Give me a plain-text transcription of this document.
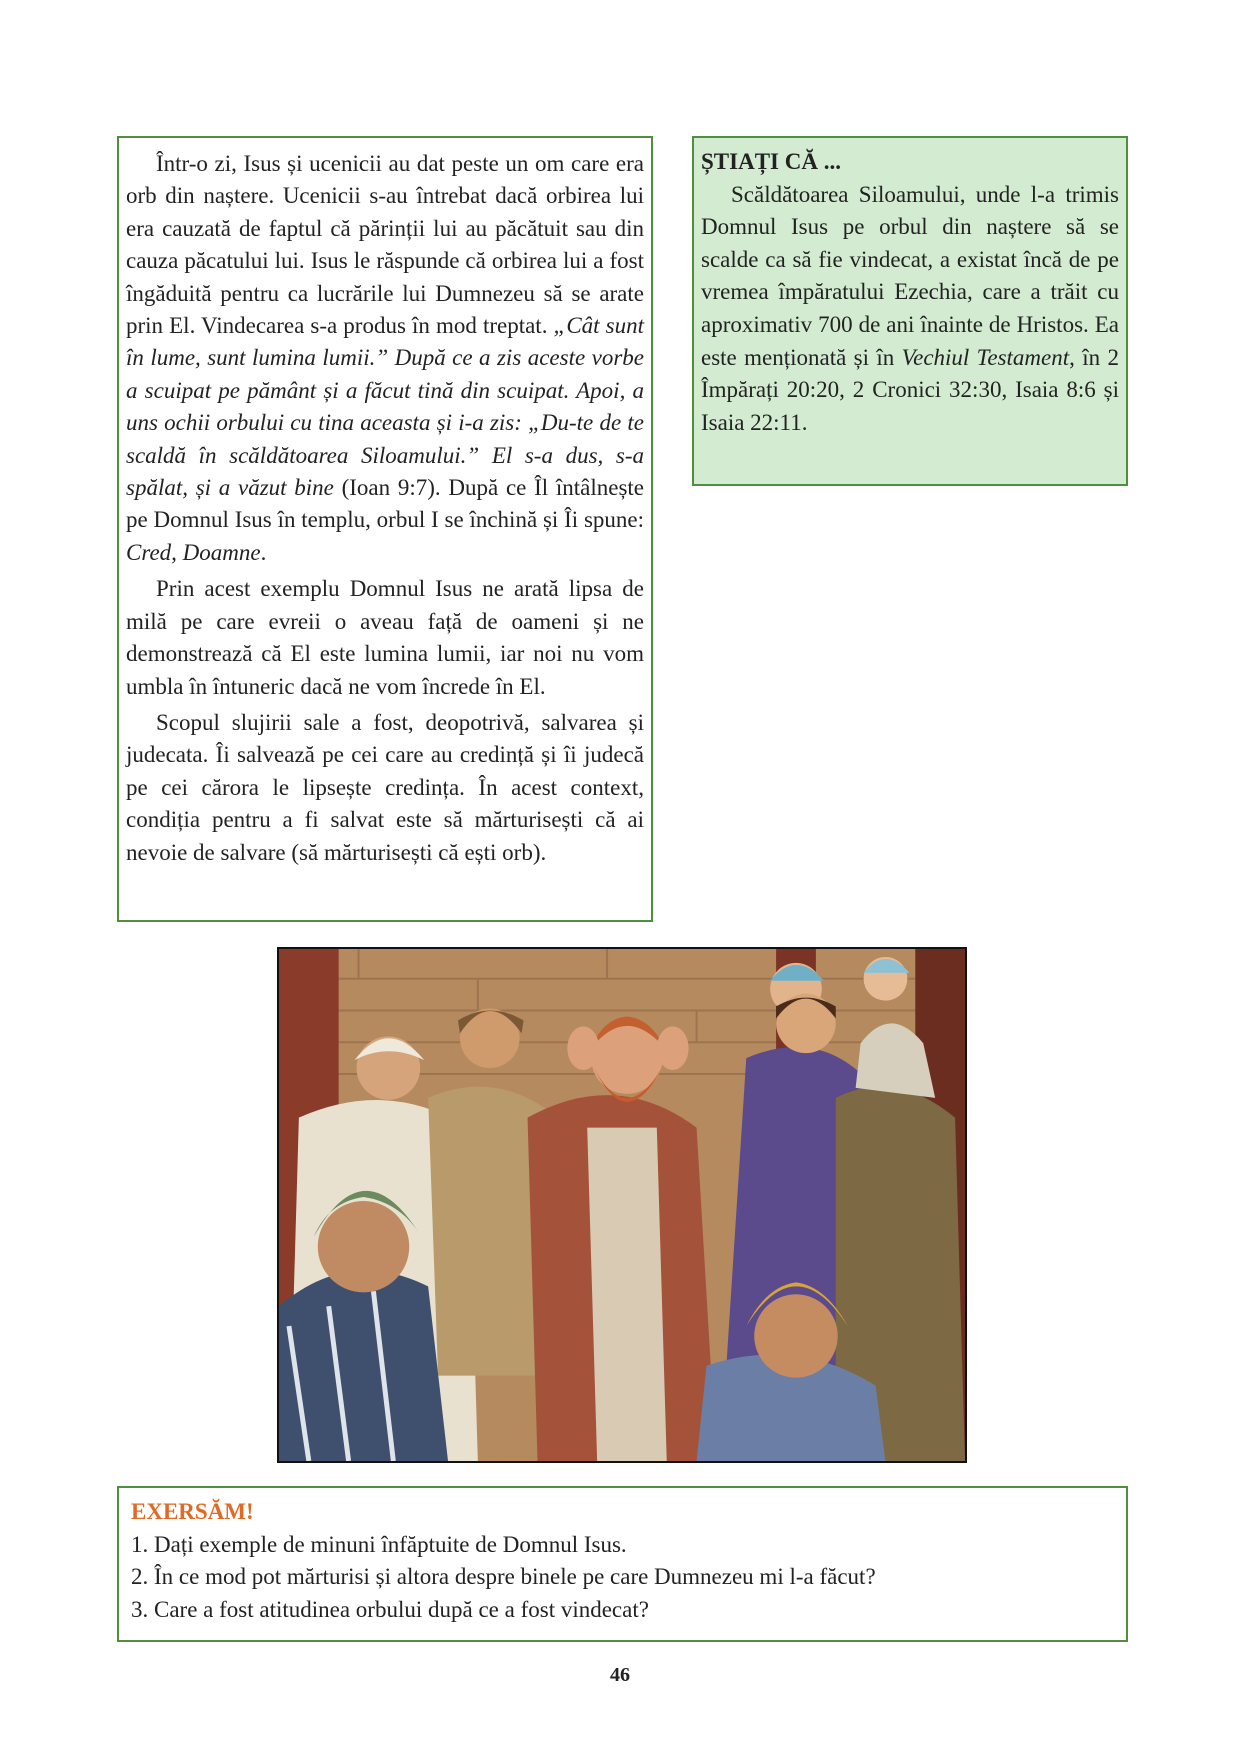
Într-o zi, Isus și ucenicii au dat peste un om care era orb din naștere. Ucenicii s-au întrebat dacă orbirea lui era cauzată de faptul că părinții lui au păcătuit sau din cauza păcatului lui. Isus le răspunde că orbirea lui a fost îngăduită pentru ca lucrările lui Dumnezeu să se arate prin El. Vindecarea s-a produs în mod treptat. „Cât sunt în lume, sunt lumina lumii.” După ce a zis aceste vorbe a scuipat pe pământ și a făcut tină din scuipat. Apoi, a uns ochii orbului cu tina aceasta și i-a zis: „Du-te de te scaldă în scăldătoarea Siloamului.” El s-a dus, s-a spălat, și a văzut bine (Ioan 9:7). După ce Îl întâlnește pe Domnul Isus în templu, orbul I se închină și Îi spune: Cred, Doamne.

Prin acest exemplu Domnul Isus ne arată lipsa de milă pe care evreii o aveau față de oameni și ne demonstrează că El este lumina lumii, iar noi nu vom umbla în întuneric dacă ne vom încrede în El.

Scopul slujirii sale a fost, deopotrivă, salvarea și judecata. Îi salvează pe cei care au credință și îi judecă pe cei cărora le lipsește credința. În acest context, condiția pentru a fi salvat este să mărturisești că ai nevoie de salvare (să mărturisești că ești orb).

ȘTIAȚI CĂ ...

Scăldătoarea Siloamului, unde l-a trimis Domnul Isus pe orbul din naștere să se scalde ca să fie vindecat, a existat încă de pe vremea împăratului Ezechia, care a trăit cu aproximativ 700 de ani înainte de Hristos. Ea este menționată și în Vechiul Testament, în 2 Împărați 20:20, 2 Cronici 32:30, Isaia 8:6 și Isaia 22:11.

EXERSĂM!

1. Dați exemple de minuni înfăptuite de Domnul Isus.
2. În ce mod pot mărturisi și altora despre binele pe care Dumnezeu mi l-a făcut?
3. Care a fost atitudinea orbului după ce a fost vindecat?
46
